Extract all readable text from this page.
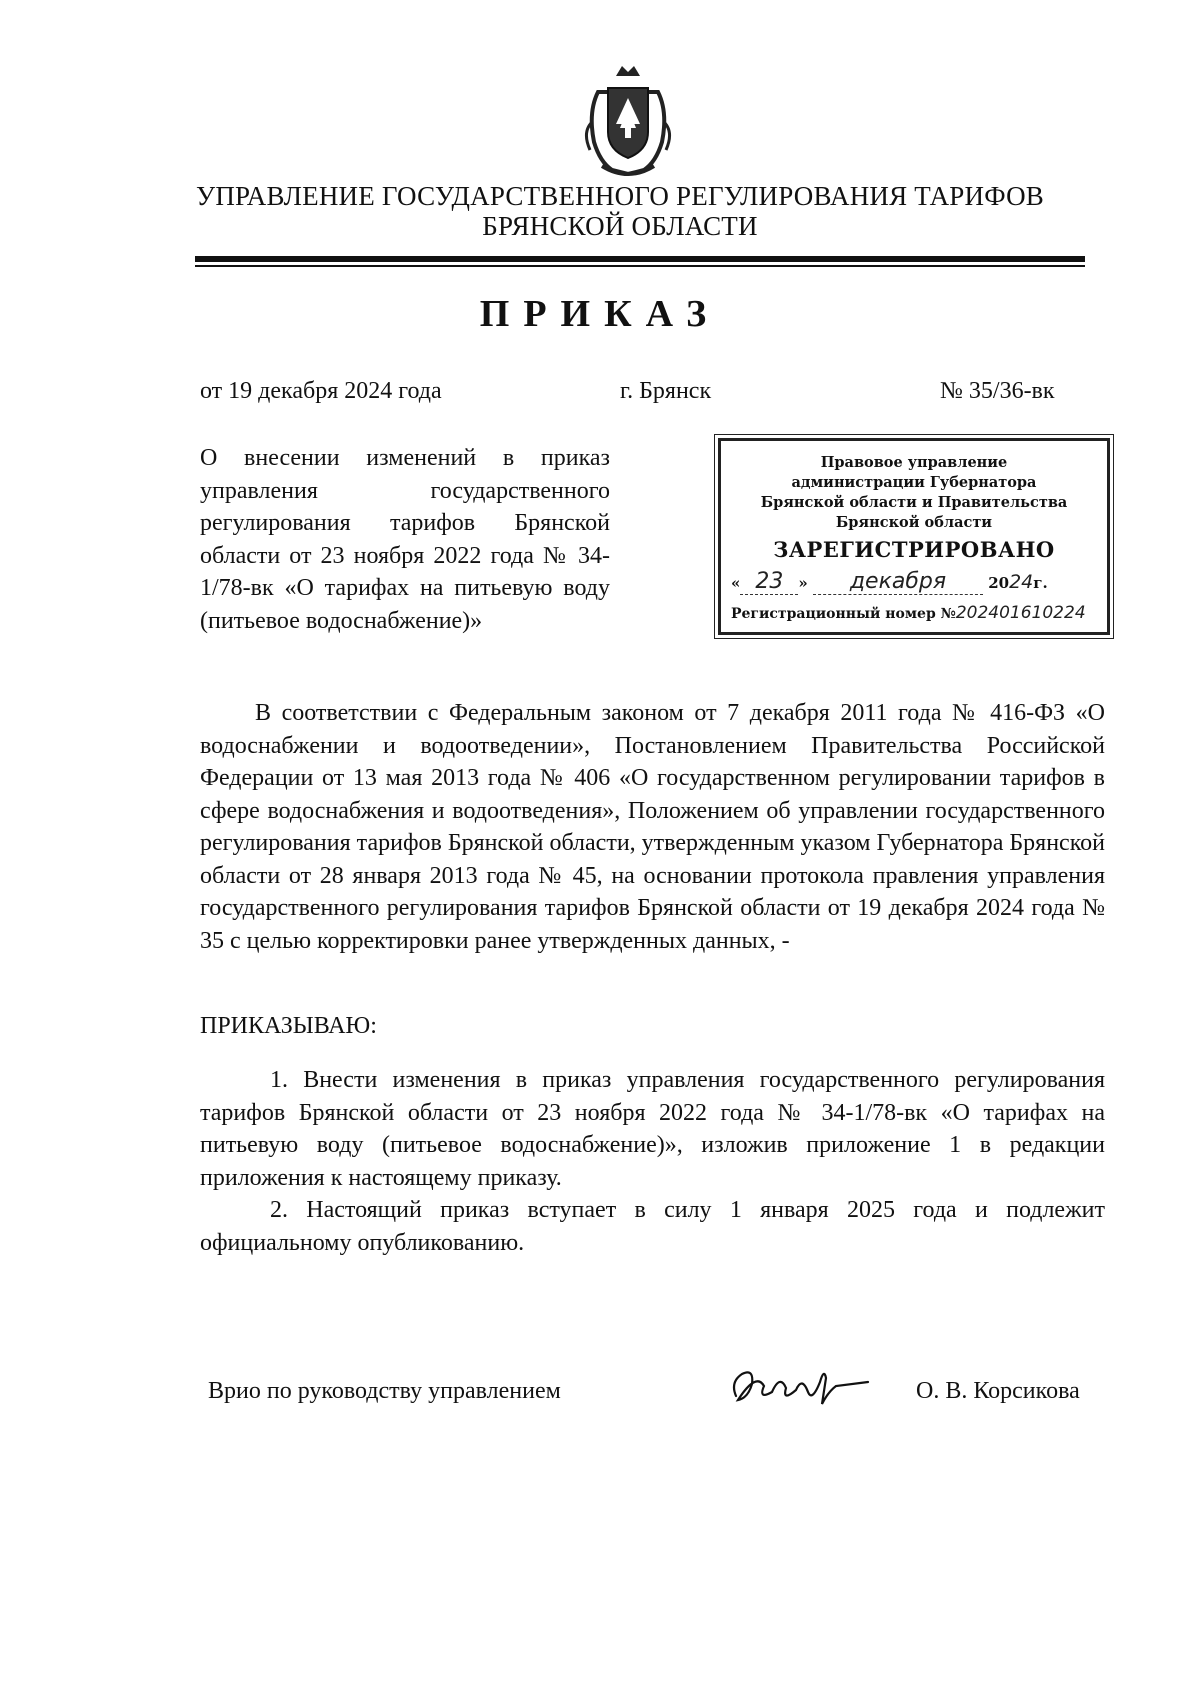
УПРАВЛЕНИЕ ГОСУДАРСТВЕННОГО РЕГУЛИРОВАНИЯ ТАРИФОВ
БРЯНСКОЙ ОБЛАСТИ
ПРИКАЗ
от 19 декабря 2024 года	г. Брянск	№ 35/36-вк
О внесении изменений в приказ управления государственного регулирования тарифов Брянской области от 23 ноября 2022 года № 34-1/78-вк «О тарифах на питьевую воду (питьевое водоснабжение)»
Правовое управление
администрации Губернатора
Брянской области и Правительства
Брянской области
ЗАРЕГИСТРИРОВАНО
« 23 » декабря	2024г.
Регистрационный номер №202401610224
В соответствии с Федеральным законом от 7 декабря 2011 года № 416-ФЗ «О водоснабжении и водоотведении», Постановлением Правительства Российской Федерации от 13 мая 2013 года № 406 «О государственном регулировании тарифов в сфере водоснабжения и водоотведения», Положением об управлении государственного регулирования тарифов Брянской области, утвержденным указом Губернатора Брянской области от 28 января 2013 года № 45, на основании протокола правления управления государственного регулирования тарифов Брянской области от 19 декабря 2024 года № 35 с целью корректировки ранее утвержденных данных, -
ПРИКАЗЫВАЮ:
1. Внести изменения в приказ управления государственного регулирования тарифов Брянской области от 23 ноября 2022 года № 34-1/78-вк «О тарифах на питьевую воду (питьевое водоснабжение)», изложив приложение 1 в редакции приложения к настоящему приказу.
2. Настоящий приказ вступает в силу 1 января 2025 года и подлежит официальному опубликованию.
Врио по руководству управлением	О. В. Корсикова
